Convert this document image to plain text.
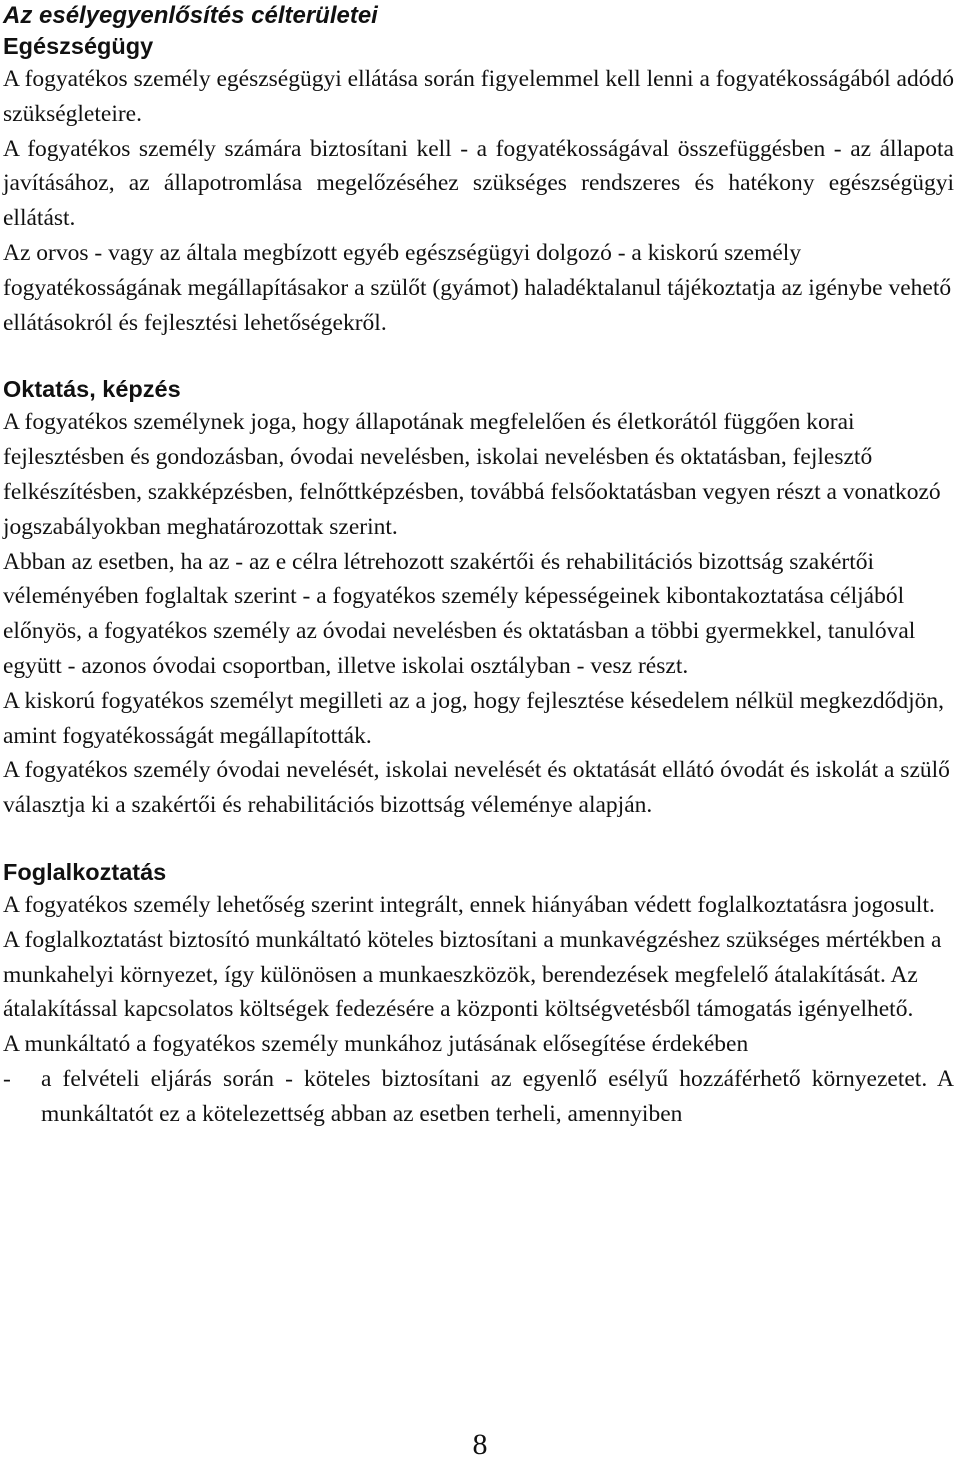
Az esélyegyenlősítés célterületei
Egészségügy

A fogyatékos személy egészségügyi ellátása során figyelemmel kell lenni a fogyatékosságából adódó szükségleteire.

A fogyatékos személy számára biztosítani kell - a fogyatékosságával összefüggésben - az állapota javításához, az állapotromlása megelőzéséhez szükséges rendszeres és hatékony egészségügyi ellátást.

Az orvos - vagy az általa megbízott egyéb egészségügyi dolgozó - a kiskorú személy fogyatékosságának megállapításakor a szülőt (gyámot) haladéktalanul tájékoztatja az igénybe vehető ellátásokról és fejlesztési lehetőségekről.

Oktatás, képzés

A fogyatékos személynek joga, hogy állapotának megfelelően és életkorától függően korai fejlesztésben és gondozásban, óvodai nevelésben, iskolai nevelésben és oktatásban, fejlesztő felkészítésben, szakképzésben, felnőttképzésben, továbbá felsőoktatásban vegyen részt a vonatkozó jogszabályokban meghatározottak szerint.

Abban az esetben, ha az - az e célra létrehozott szakértői és rehabilitációs bizottság szakértői véleményében foglaltak szerint - a fogyatékos személy képességeinek kibontakoztatása céljából előnyös, a fogyatékos személy az óvodai nevelésben és oktatásban a többi gyermekkel, tanulóval együtt - azonos óvodai csoportban, illetve iskolai osztályban - vesz részt.

A kiskorú fogyatékos személyt megilleti az a jog, hogy fejlesztése késedelem nélkül megkezdődjön, amint fogyatékosságát megállapították.

A fogyatékos személy óvodai nevelését, iskolai nevelését és oktatását ellátó óvodát és iskolát a szülő választja ki a szakértői és rehabilitációs bizottság véleménye alapján.

Foglalkoztatás

A fogyatékos személy lehetőség szerint integrált, ennek hiányában védett foglalkoztatásra jogosult.

A foglalkoztatást biztosító munkáltató köteles biztosítani a munkavégzéshez szükséges mértékben a munkahelyi környezet, így különösen a munkaeszközök, berendezések megfelelő átalakítását. Az átalakítással kapcsolatos költségek fedezésére a központi költségvetésből támogatás igényelhető.

A munkáltató a fogyatékos személy munkához jutásának elősegítése érdekében

-	a felvételi eljárás során - köteles biztosítani az egyenlő esélyű hozzáférhető környezetet. A munkáltatót ez a kötelezettség abban az esetben terheli, amennyiben
8
